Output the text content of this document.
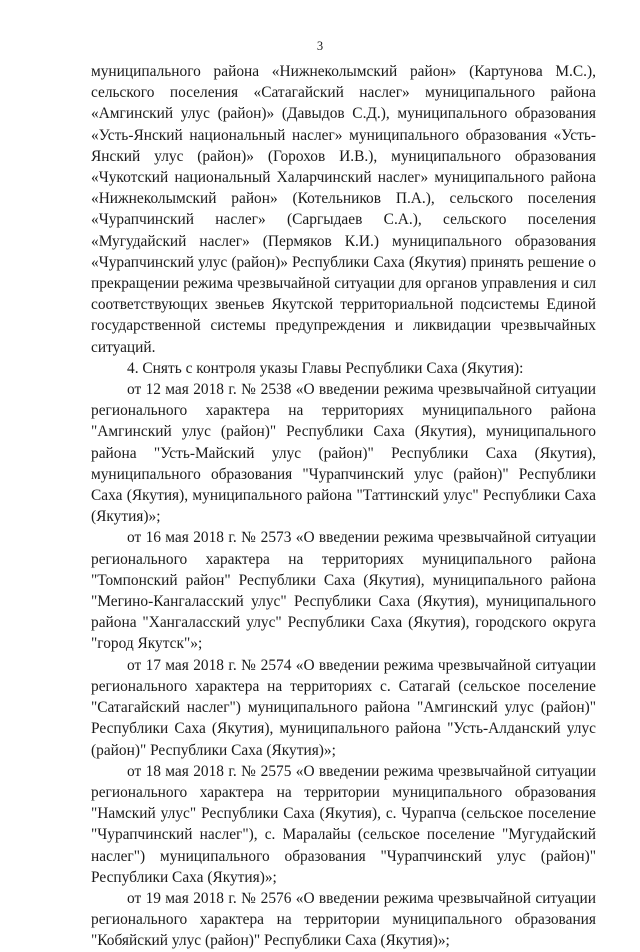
3

муниципального района «Нижнеколымский район» (Картунова М.С.), сельского поселения «Сатагайский наслег» муниципального района «Амгинский улус (район)» (Давыдов С.Д.), муниципального образования «Усть-Янский национальный наслег» муниципального образования «Усть-Янский улус (район)» (Горохов И.В.), муниципального образования «Чукотский национальный Халарчинский наслег» муниципального района «Нижнеколымский район» (Котельников П.А.), сельского поселения «Чурапчинский наслег» (Саргыдаев С.А.), сельского поселения «Мугудайский наслег» (Пермяков К.И.) муниципального образования «Чурапчинский улус (район)» Республики Саха (Якутия) принять решение о прекращении режима чрезвычайной ситуации для органов управления и сил соответствующих звеньев Якутской территориальной подсистемы Единой государственной системы предупреждения и ликвидации чрезвычайных ситуаций.

4. Снять с контроля указы Главы Республики Саха (Якутия):

от 12 мая 2018 г. № 2538 «О введении режима чрезвычайной ситуации регионального характера на территориях муниципального района "Амгинский улус (район)" Республики Саха (Якутия), муниципального района "Усть-Майский улус (район)" Республики Саха (Якутия), муниципального образования "Чурапчинский улус (район)" Республики Саха (Якутия), муниципального района "Таттинский улус" Республики Саха (Якутия)»;

от 16 мая 2018 г. № 2573 «О введении режима чрезвычайной ситуации регионального характера на территориях муниципального района "Томпонский район" Республики Саха (Якутия), муниципального района "Мегино-Кангаласский улус" Республики Саха (Якутия), муниципального района "Хангаласский улус" Республики Саха (Якутия), городского округа "город Якутск"»;

от 17 мая 2018 г. № 2574 «О введении режима чрезвычайной ситуации регионального характера на территориях с. Сатагай (сельское поселение "Сатагайский наслег") муниципального района "Амгинский улус (район)" Республики Саха (Якутия), муниципального района "Усть-Алданский улус (район)" Республики Саха (Якутия)»;

от 18 мая 2018 г. № 2575 «О введении режима чрезвычайной ситуации регионального характера на территории муниципального образования "Намский улус" Республики Саха (Якутия), с. Чурапча (сельское поселение "Чурапчинский наслег"), с. Маралайы (сельское поселение "Мугудайский наслег") муниципального образования "Чурапчинский улус (район)" Республики Саха (Якутия)»;

от 19 мая 2018 г. № 2576 «О введении режима чрезвычайной ситуации регионального характера на территории муниципального образования "Кобяйский улус (район)" Республики Саха (Якутия)»;
